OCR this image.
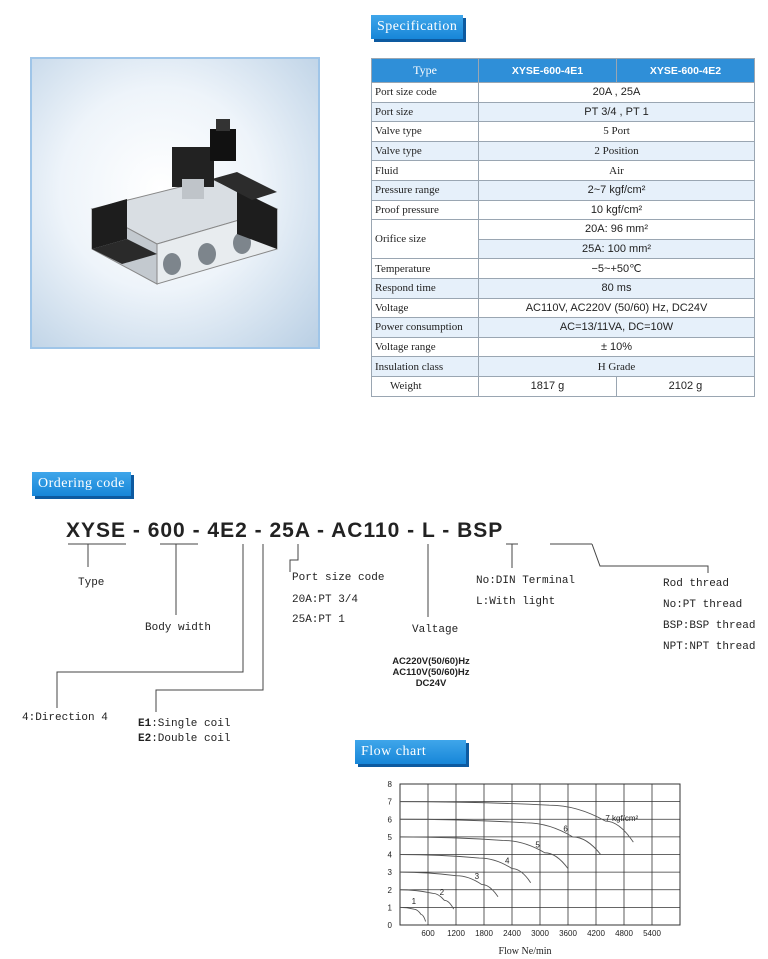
Specification
Type	XYSE-600-4E1	XYSE-600-4E2
Port size code	20A , 25A	
Port size	PT 3/4 , PT 1	
Valve type	5 Port	
Valve type	2 Position	
Fluid	Air	
Pressure range	2~7 kgf/cm²	
Proof pressure	10 kgf/cm²	
Orifice size	20A: 96 mm²	
	25A: 100 mm²	
Temperature	−5~+50℃	
Respond time	80 ms	
Voltage	AC110V, AC220V (50/60) Hz, DC24V	
Power consumption	AC=13/11VA, DC=10W	
Voltage range	± 10%	
Insulation class	H Grade	
Weight	1817 g	2102 g
Ordering code
XYSE - 600 - 4E2 - 25A - AC110 - L - BSP
Type
Body width
Port size code
20A:PT 3/4
25A:PT 1
Valtage
AC220V(50/60)Hz
AC110V(50/60)Hz
DC24V
No:DIN Terminal
L:With light
Rod thread
No:PT thread
BSP:BSP thread
NPT:NPT thread
4:Direction 4	E1:Single coil
E2:Double coil
Flow chart
1
2
3
4
5
6
7 kgf/cm²
0
1
2
3
4
5
6
7
8
600 1200 1800 2400 3000 3600 4200 4800 5400
Flow Ne/min
